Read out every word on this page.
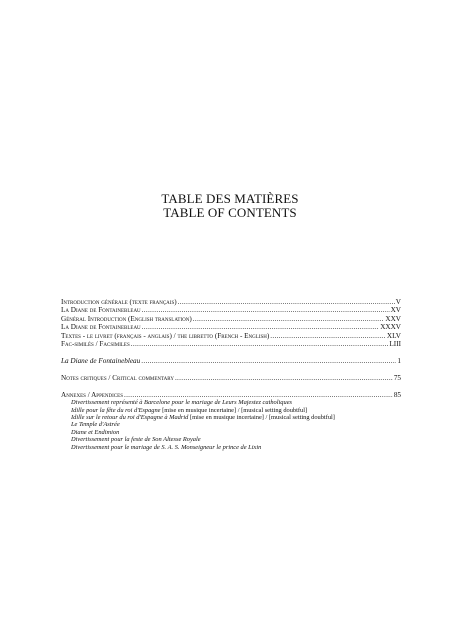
TABLE DES MATIÈRES
TABLE OF CONTENTS
Introduction générale (texte français) .....	V
La Diane de Fontainebleau .....	XV
Général Introduction (English translation) .....	XXV
La Diane de Fontainebleau .....	XXXV
Textes - le livret (français - anglais) / the libretto (French - English) .....	XLV
Fac-similés / Facsimiles .....	LIII
La Diane de Fontainebleau .....	1
Notes critiques / Critical commentary .....	75
Annexes / Appendices .....	85
Divertissement représenté à Barcelone pour le mariage de Leurs Majestez catholiques
Idille pour la fête du roi d'Espagne [mise en musique incertaine] / [musical setting doubtful]
Idille sur le retour du roi d'Espagne à Madrid [mise en musique incertaine] / [musical setting doubtful]
Le Temple d'Astrée
Diane et Endimion
Divertissement pour la feste de Son Altesse Royale
Divertissement pour le mariage de S. A. S. Monseigneur le prince de Lixin
